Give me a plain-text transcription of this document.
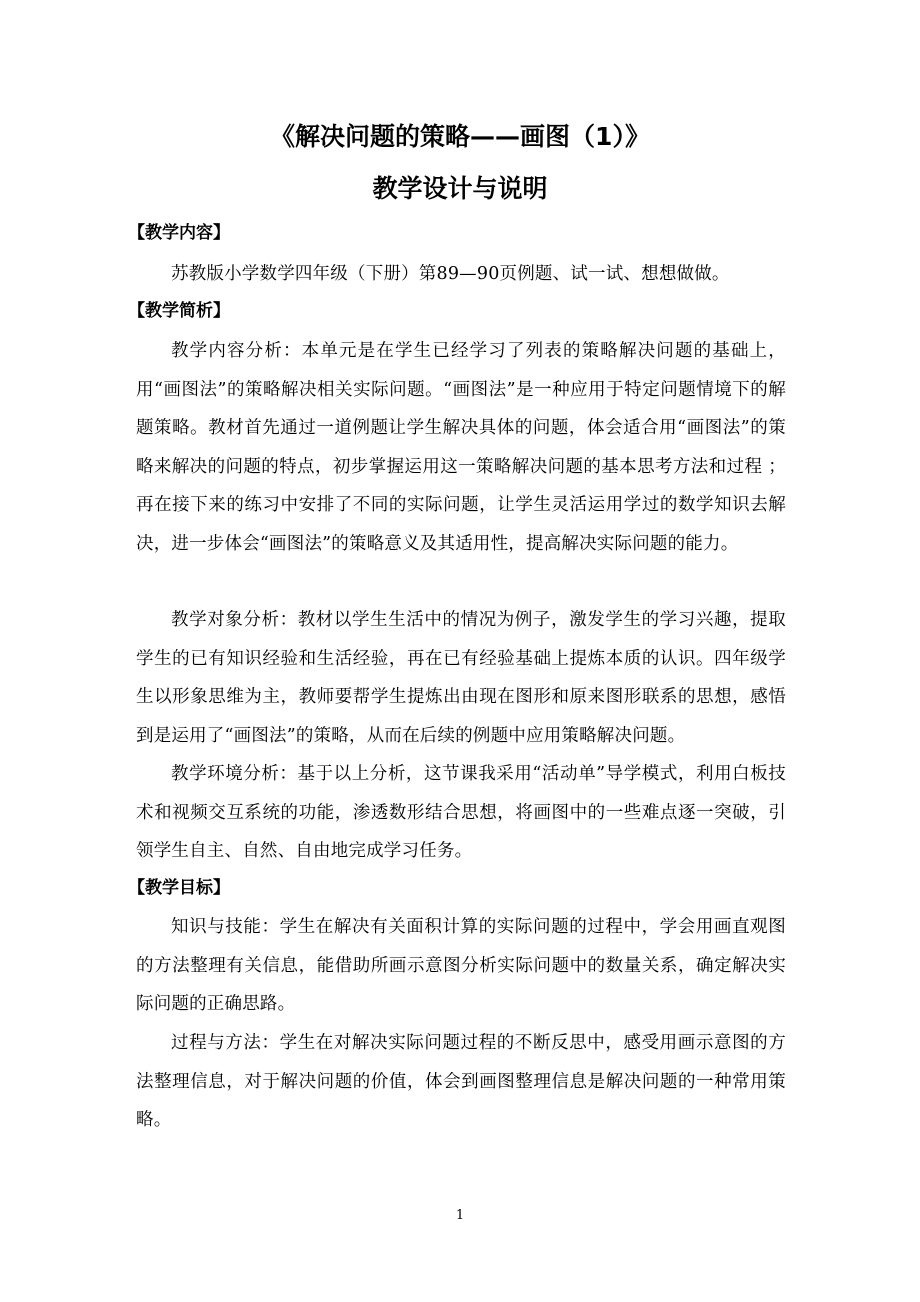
《解决问题的策略——画图（1）》
教学设计与说明
【教学内容】

苏教版小学数学四年级（下册）第89—90页例题、试一试、想想做做。

【教学简析】

教学内容分析：本单元是在学生已经学习了列表的策略解决问题的基础上，用“画图法”的策略解决相关实际问题。“画图法”是一种应用于特定问题情境下的解题策略。教材首先通过一道例题让学生解决具体的问题，体会适合用“画图法”的策略来解决的问题的特点，初步掌握运用这一策略解决问题的基本思考方法和过程 ；再在接下来的练习中安排了不同的实际问题，让学生灵活运用学过的数学知识去解决，进一步体会“画图法”的策略意义及其适用性，提高解决实际问题的能力。

教学对象分析：教材以学生生活中的情况为例子，激发学生的学习兴趣，提取学生的已有知识经验和生活经验，再在已有经验基础上提炼本质的认识。四年级学生以形象思维为主，教师要帮学生提炼出由现在图形和原来图形联系的思想，感悟到是运用了“画图法”的策略，从而在后续的例题中应用策略解决问题。

教学环境分析：基于以上分析，这节课我采用“活动单”导学模式，利用白板技术和视频交互系统的功能，渗透数形结合思想，将画图中的一些难点逐一突破，引领学生自主、自然、自由地完成学习任务。

【教学目标】

知识与技能：学生在解决有关面积计算的实际问题的过程中，学会用画直观图的方法整理有关信息，能借助所画示意图分析实际问题中的数量关系，确定解决实际问题的正确思路。

过程与方法：学生在对解决实际问题过程的不断反思中，感受用画示意图的方法整理信息，对于解决问题的价值，体会到画图整理信息是解决问题的一种常用策略。

1
